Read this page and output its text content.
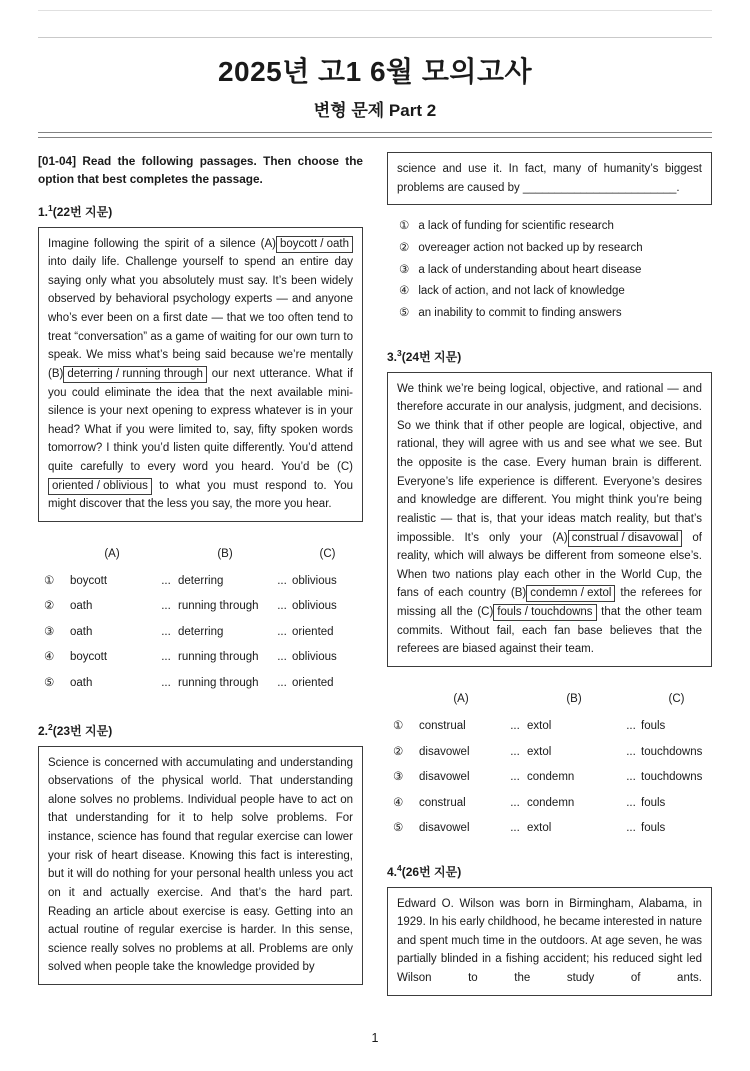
2025년 고1 6월 모의고사
변형 문제 Part 2

[01-04] Read the following passages. Then choose the option that best completes the passage.

1.$^1$(22번 지문)
Imagine following the spirit of a silence (A) boycott / oath into daily life. Challenge yourself to spend an entire day saying only what you absolutely must say. It’s been widely observed by behavioral psychology experts — and anyone who’s ever been on a first date — that we too often tend to treat “conversation” as a game of waiting for our own turn to speak. We miss what’s being said because we’re mentally (B) deterring / running through our next utterance. What if you could eliminate the idea that the next available mini-silence is your next opening to express whatever is in your head? What if you were limited to, say, fifty spoken words tomorrow? I think you’d listen quite differently. You’d attend quite carefully to every word you heard. You’d be (C)oriented / oblivious to what you must respond to. You might discover that the less you say, the more you hear.
(A)	(B)	(C)
①	boycott	... deterring	... oblivious
②	oath	... running through	... oblivious
③	oath	... deterring	... oriented
④	boycott	... running through	... oblivious
⑤	oath	... running through	... oriented
2.$^2$(23번 지문)
Science is concerned with accumulating and understanding observations of the physical world. That understanding alone solves no problems. Individual people have to act on that understanding for it to help solve problems. For instance, science has found that regular exercise can lower your risk of heart disease. Knowing this fact is interesting, but it will do nothing for your personal health unless you act on it and actually exercise. And that’s the hard part. Reading an article about exercise is easy. Getting into an actual routine of regular exercise is harder. In this sense, science really solves no problems at all. Problems are only solved when people take the knowledge provided by
science and use it. In fact, many of humanity’s biggest problems are caused by ________________________.
① a lack of funding for scientific research
② overeager action not backed up by research
③ a lack of understanding about heart disease
④ lack of action, and not lack of knowledge
⑤ an inability to commit to finding answers
3.$^3$(24번 지문)
We think we’re being logical, objective, and rational — and therefore accurate in our analysis, judgment, and decisions. So we think that if other people are logical, objective, and rational, they will agree with us and see what we see. But the opposite is the case. Every human brain is different. Everyone’s life experience is different. Everyone’s desires and knowledge are different. You might think you’re being realistic — that is, that your ideas match reality, but that’s impossible. It’s only your (A) construal / disavowal of reality, which will always be different from someone else’s. When two nations play each other in the World Cup, the fans of each country (B) condemn / extol the referees for missing all the (C) fouls / touchdowns that the other team commits. Without fail, each fan base believes that the referees are biased against their team.
(A)	(B)	(C)
①	construal	... extol	... fouls
②	disavowel	... extol	... touchdowns
③	disavowel	... condemn	... touchdowns
④	construal	... condemn	... fouls
⑤	disavowel	... extol	... fouls
4.$^4$(26번 지문)
Edward O. Wilson was born in Birmingham, Alabama, in 1929. In his early childhood, he became interested in nature and spent much time in the outdoors. At age seven, he was partially blinded in a fishing accident; his reduced sight led Wilson to the study of ants.
1
